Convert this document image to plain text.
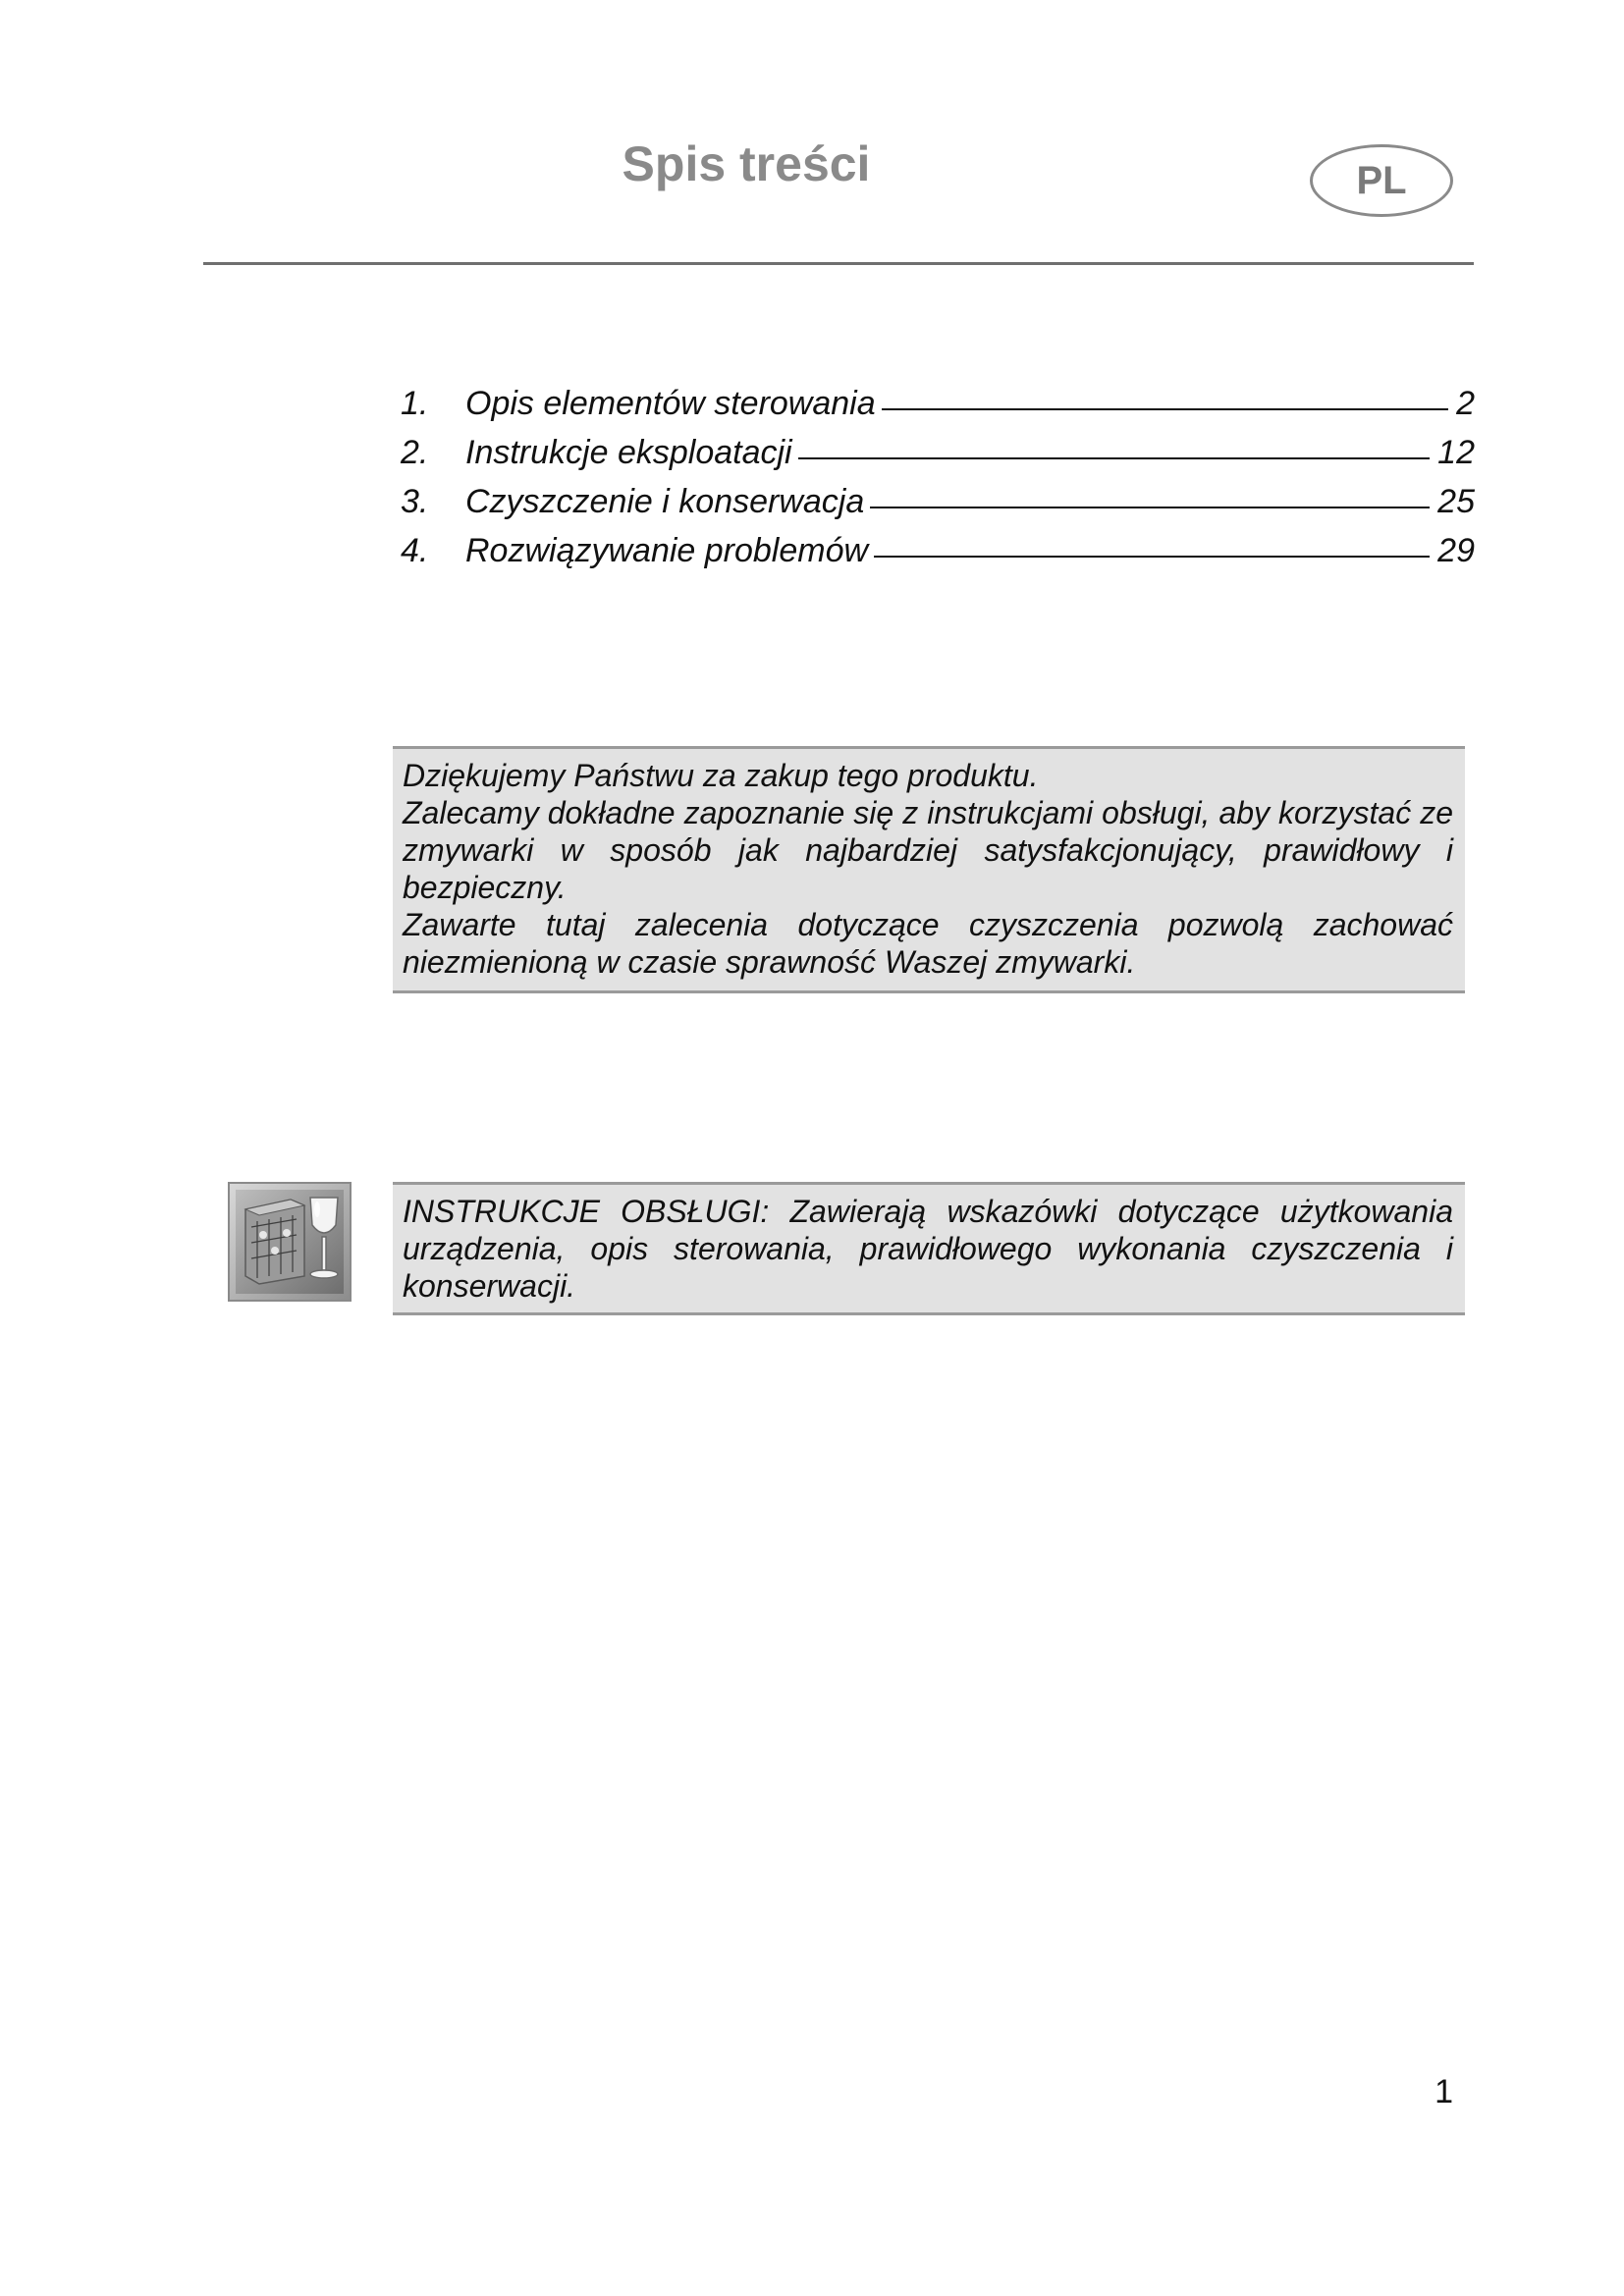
Spis treści	PL
1.	Opis elementów sterowania	2
2.	Instrukcje eksploatacji	12
3.	Czyszczenie i konserwacja	25
4.	Rozwiązywanie problemów	29

Dziękujemy Państwu za zakup tego produktu.

Zalecamy dokładne zapoznanie się z instrukcjami obsługi, aby korzystać ze zmywarki w sposób jak najbardziej satysfakcjonujący, prawidłowy i bezpieczny.

Zawarte tutaj zalecenia dotyczące czyszczenia pozwolą zachować niezmienioną w czasie sprawność Waszej zmywarki.

INSTRUKCJE OBSŁUGI: Zawierają wskazówki dotyczące użytkowania urządzenia, opis sterowania, prawidłowego wykonania czyszczenia i konserwacji.

1
